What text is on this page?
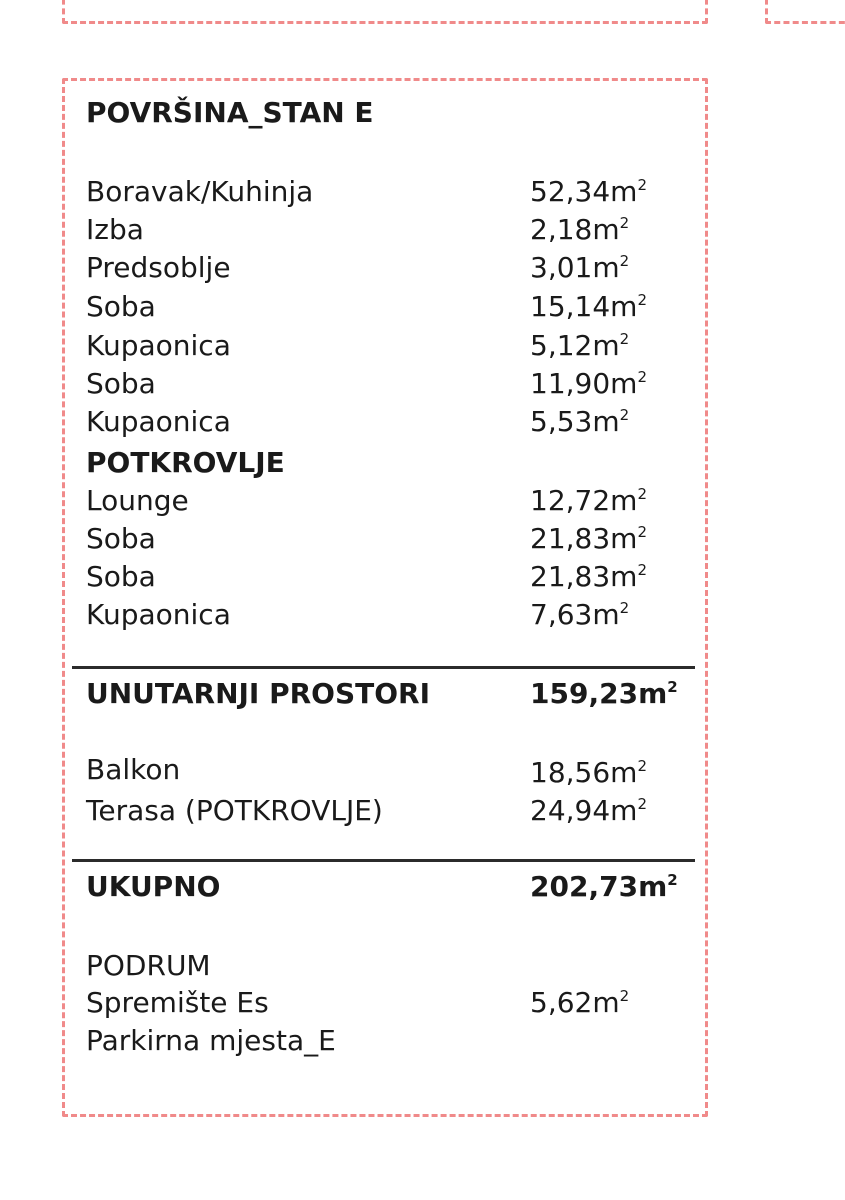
POVRŠINA_STAN E
Boravak/Kuhinja	$52,34m^2$
Izba	$2,18m^2$
Predsoblje	$3,01m^2$
Soba	$15,14m^2$
Kupaonica	$5,12m^2$
Soba	$11,90m^2$
Kupaonica	$5,53m^2$
POTKROVLJE
Lounge	$12,72m^2$
Soba	$21,83m^2$
Soba	$21,83m^2$
Kupaonica	$7,63m^2$
UNUTARNJI PROSTORI	$159,23m^2$
Balkon	$18,56m^2$
Terasa (POTKROVLJE)	$24,94m^2$
UKUPNO	$202,73m^2$
PODRUM
Spremište Es	$5,62m^2$
Parkirna mjesta_E
